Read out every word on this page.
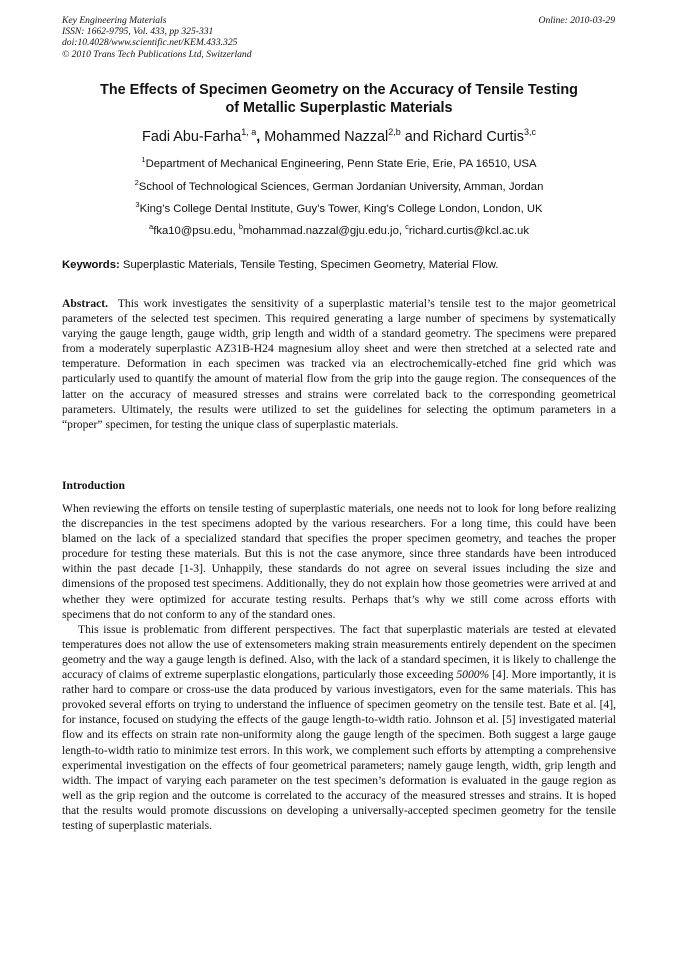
Key Engineering Materials
ISSN: 1662-9795, Vol. 433, pp 325-331
doi:10.4028/www.scientific.net/KEM.433.325
© 2010 Trans Tech Publications Ltd, Switzerland
Online: 2010-03-29
The Effects of Specimen Geometry on the Accuracy of Tensile Testing
of Metallic Superplastic Materials
Fadi Abu-Farha$^{1, a}$, Mohammed Nazzal$^{2,b}$ and Richard Curtis$^{3,c}$
$^1$Department of Mechanical Engineering, Penn State Erie, Erie, PA 16510, USA
$^2$School of Technological Sciences, German Jordanian University, Amman, Jordan
$^3$King’s College Dental Institute, Guy’s Tower, King’s College London, London, UK
$^a$fka10@psu.edu, $^b$mohammad.nazzal@gju.edu.jo, $^c$richard.curtis@kcl.ac.uk
Keywords: Superplastic Materials, Tensile Testing, Specimen Geometry, Material Flow.
Abstract. This work investigates the sensitivity of a superplastic material’s tensile test to the major geometrical parameters of the selected test specimen. This required generating a large number of specimens by systematically varying the gauge length, gauge width, grip length and width of a standard geometry. The specimens were prepared from a moderately superplastic AZ31B-H24 magnesium alloy sheet and were then stretched at a selected rate and temperature. Deformation in each specimen was tracked via an electrochemically-etched fine grid which was particularly used to quantify the amount of material flow from the grip into the gauge region. The consequences of the latter on the accuracy of measured stresses and strains were correlated back to the corresponding geometrical parameters. Ultimately, the results were utilized to set the guidelines for selecting the optimum parameters in a “proper” specimen, for testing the unique class of superplastic materials.
Introduction

When reviewing the efforts on tensile testing of superplastic materials, one needs not to look for long before realizing the discrepancies in the test specimens adopted by the various researchers. For a long time, this could have been blamed on the lack of a specialized standard that specifies the proper specimen geometry, and teaches the proper procedure for testing these materials. But this is not the case anymore, since three standards have been introduced within the past decade [1-3]. Unhappily, these standards do not agree on several issues including the size and dimensions of the proposed test specimens. Additionally, they do not explain how those geometries were arrived at and whether they were optimized for accurate testing results. Perhaps that’s why we still come across efforts with specimens that do not conform to any of the standard ones.

This issue is problematic from different perspectives. The fact that superplastic materials are tested at elevated temperatures does not allow the use of extensometers making strain measurements entirely dependent on the specimen geometry and the way a gauge length is defined. Also, with the lack of a standard specimen, it is likely to challenge the accuracy of claims of extreme superplastic elongations, particularly those exceeding 5000% [4]. More importantly, it is rather hard to compare or cross-use the data produced by various investigators, even for the same materials. This has provoked several efforts on trying to understand the influence of specimen geometry on the tensile test. Bate et al. [4], for instance, focused on studying the effects of the gauge length-to-width ratio. Johnson et al. [5] investigated material flow and its effects on strain rate non-uniformity along the gauge length of the specimen. Both suggest a large gauge length-to-width ratio to minimize test errors. In this work, we complement such efforts by attempting a comprehensive experimental investigation on the effects of four geometrical parameters; namely gauge length, width, grip length and width. The impact of varying each parameter on the test specimen’s deformation is evaluated in the gauge region as well as the grip region and the outcome is correlated to the accuracy of the measured stresses and strains. It is hoped that the results would promote discussions on developing a universally-accepted specimen geometry for the tensile testing of superplastic materials.
